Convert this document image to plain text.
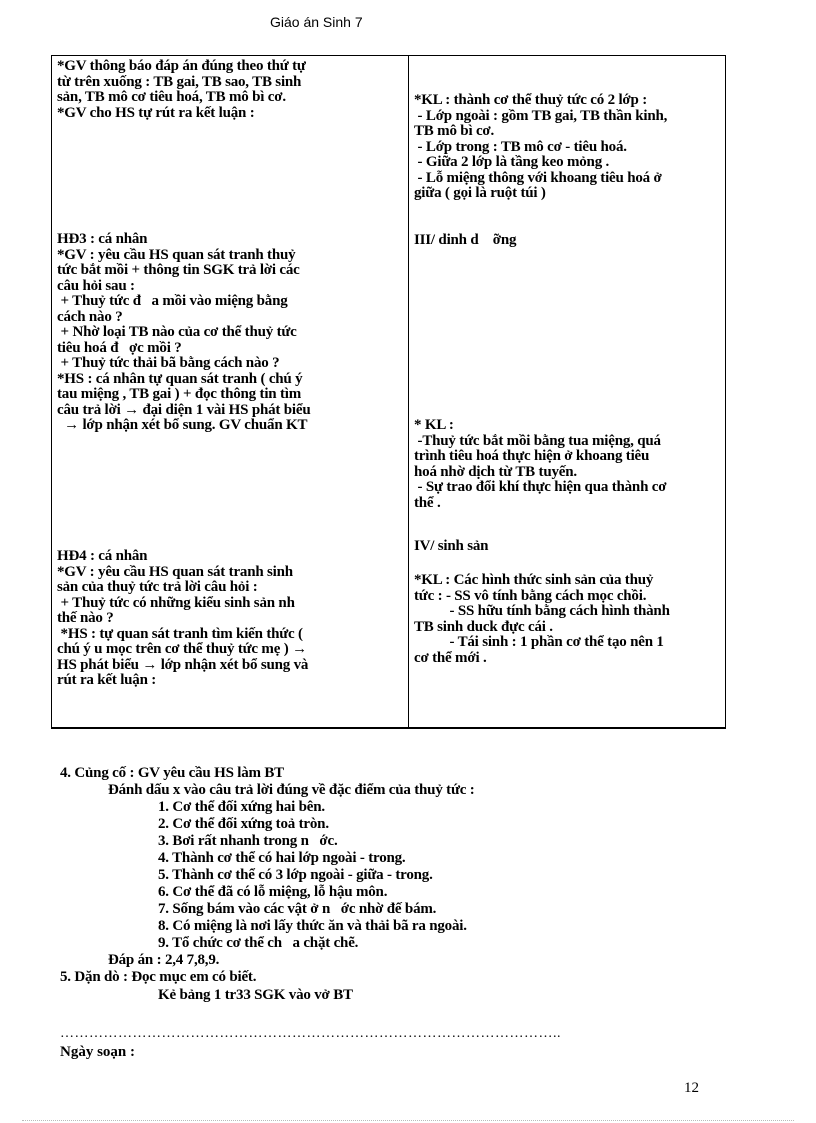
Giáo án Sinh 7
*GV thông báo đáp án đúng theo thứ tự
từ trên xuống : TB gai, TB sao, TB sinh
sản, TB mô cơ tiêu hoá, TB mô bì cơ.
*GV cho HS tự rút ra kết luận :
HĐ3 : cá nhân
*GV : yêu cầu HS quan sát tranh thuỷ
tức bắt mồi + thông tin SGK trả lời các
câu hỏi sau :
+ Thuỷ tức đ   a mồi vào miệng bằng
cách nào ?
+ Nhờ loại TB nào của cơ thể thuỷ tức
tiêu hoá đ   ợc mồi ?
+ Thuỷ tức thải bã bằng cách nào ?
*HS : cá nhân tự quan sát tranh ( chú ý
tau miệng , TB gai ) + đọc thông tin tìm
câu trả lời → đại diện 1 vài HS phát biểu
→ lớp nhận xét bổ sung. GV chuẩn KT
HĐ4 : cá nhân
*GV : yêu cầu HS quan sát tranh sinh
sản của thuỷ tức trả lời câu hỏi :
+ Thuỷ tức có những kiểu sinh sản nh
thế nào ?
*HS : tự quan sát tranh tìm kiến thức (
chú ý u mọc trên cơ thể thuỷ tức mẹ ) →
HS phát biểu → lớp nhận xét bổ sung và
rút ra kết luận :
*KL : thành cơ thể thuỷ tức có 2 lớp :
- Lớp ngoài : gồm TB gai, TB thần kinh,
TB mô bì cơ.
- Lớp trong : TB mô cơ - tiêu hoá.
- Giữa 2 lớp là tầng keo mỏng .
- Lỗ miệng thông với khoang tiêu hoá ở
giữa ( gọi là ruột túi )
III/ dinh d    ỡng
* KL :
-Thuỷ tức bắt mồi bằng tua miệng, quá
trình tiêu hoá thực hiện ở khoang tiêu
hoá nhờ dịch từ TB tuyến.
- Sự trao đổi khí thực hiện qua thành cơ
thể .
IV/ sinh sản
*KL : Các hình thức sinh sản của thuỷ
tức : - SS vô tính bằng cách mọc chồi.
- SS hữu tính bằng cách hình thành
TB sinh duck đực cái .
- Tái sinh : 1 phần cơ thể tạo nên 1
cơ thể mới .
4. Củng cố : GV yêu cầu HS làm BT
Đánh dấu x vào câu trả lời đúng về đặc điểm của thuỷ tức :
1. Cơ thể đối xứng hai bên.
2. Cơ thể đối xứng toả tròn.
3. Bơi rất nhanh trong n   ớc.
4. Thành cơ thể có hai lớp ngoài - trong.
5. Thành cơ thể có 3 lớp ngoài - giữa - trong.
6. Cơ thể đã có lỗ miệng, lỗ hậu môn.
7. Sống bám vào các vật ở n   ớc nhờ đế bám.
8. Có miệng là nơi lấy thức ăn và thải bã ra ngoài.
9. Tổ chức cơ thể ch   a chặt chẽ.
Đáp án : 2,4 7,8,9.
5. Dặn dò : Đọc mục em có biết.
Kẻ bảng 1 tr33 SGK vào vở BT
…………………………………………………………………………………………..
Ngày soạn :
12
